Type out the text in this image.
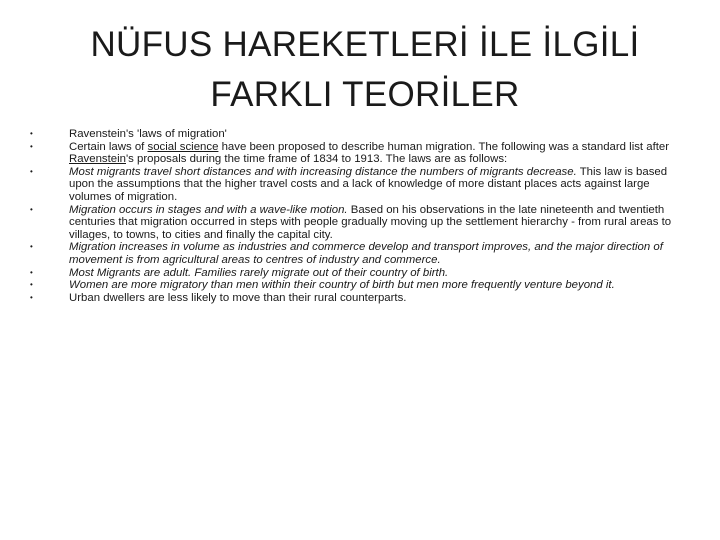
NÜFUS HAREKETLERİ İLE İLGİLİ FARKLI TEORİLER
•	Ravenstein's 'laws of migration'
•	Certain laws of social science have been proposed to describe human migration. The following was a standard list after Ravenstein's proposals during the time frame of 1834 to 1913. The laws are as follows:
•	Most migrants travel short distances and with increasing distance the numbers of migrants decrease. This law is based upon the assumptions that the higher travel costs and a lack of knowledge of more distant places acts against large volumes of migration.
•	Migration occurs in stages and with a wave-like motion. Based on his observations in the late nineteenth and twentieth centuries that migration occurred in steps with people gradually moving up the settlement hierarchy - from rural areas to villages, to towns, to cities and finally the capital city.
•	Migration increases in volume as industries and commerce develop and transport improves, and the major direction of movement is from agricultural areas to centres of industry and commerce.
•	Most Migrants are adult. Families rarely migrate out of their country of birth.
•	Women are more migratory than men within their country of birth but men more frequently venture beyond it.
•	Urban dwellers are less likely to move than their rural counterparts.
